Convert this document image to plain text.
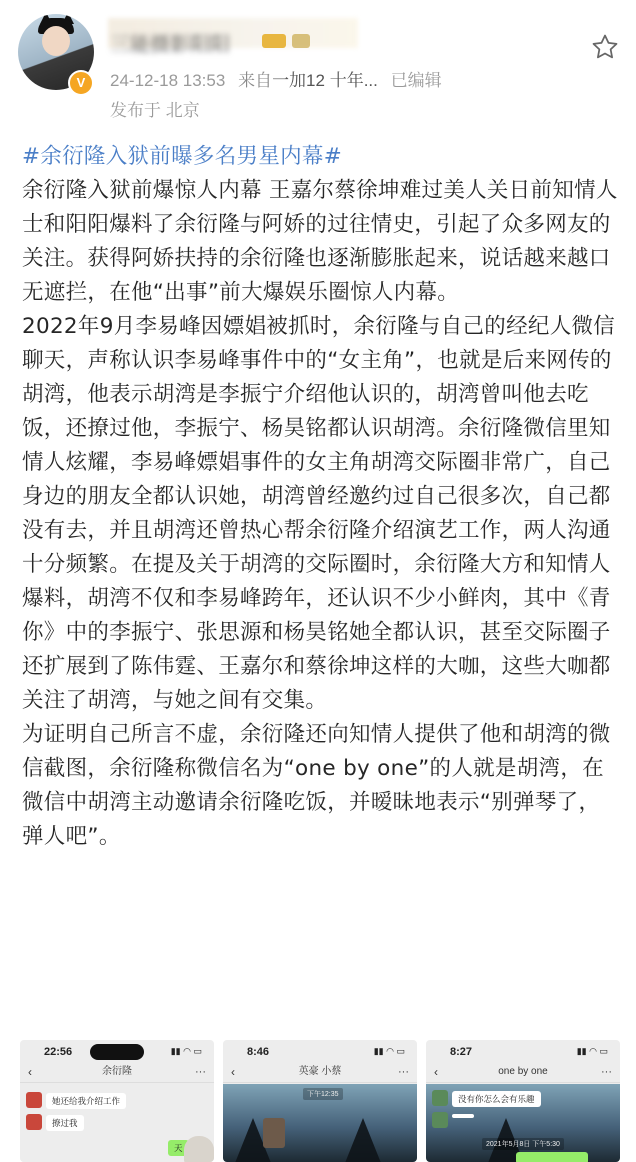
V
三能摄影阳阳
24-12-18 13:53 来自一加12 十年... 已编辑
发布于 北京
#余衍隆入狱前曝多名男星内幕#

余衍隆入狱前爆惊人内幕 王嘉尔蔡徐坤难过美人关日前知情人士和阳阳爆料了余衍隆与阿娇的过往情史，引起了众多网友的关注。获得阿娇扶持的余衍隆也逐渐膨胀起来，说话越来越口无遮拦，在他“出事”前大爆娱乐圈惊人内幕。

2022年9月李易峰因嫖娼被抓时，余衍隆与自己的经纪人微信聊天，声称认识李易峰事件中的“女主角”，也就是后来网传的胡湾，他表示胡湾是李振宁介绍他认识的，胡湾曾叫他去吃饭，还撩过他，李振宁、杨昊铭都认识胡湾。余衍隆微信里知情人炫耀，李易峰嫖娼事件的女主角胡湾交际圈非常广，自己身边的朋友全都认识她，胡湾曾经邀约过自己很多次，自己都没有去，并且胡湾还曾热心帮余衍隆介绍演艺工作，两人沟通十分频繁。在提及关于胡湾的交际圈时，余衍隆大方和知情人爆料，胡湾不仅和李易峰跨年，还认识不少小鲜肉，其中《青你》中的李振宁、张思源和杨昊铭她全都认识，甚至交际圈子还扩展到了陈伟霆、王嘉尔和蔡徐坤这样的大咖，这些大咖都关注了胡湾，与她之间有交集。

为证明自己所言不虚，余衍隆还向知情人提供了他和胡湾的微信截图，余衍隆称微信名为“one by one”的人就是胡湾，在微信中胡湾主动邀请余衍隆吃饭，并暧昧地表示“别弹琴了，弹人吧”。

22:56	▮▮ ◠ ▭
‹	余衍隆	···
她还给我介绍工作
撩过我
天
8:46	▮▮ ◠ ▭
‹	英豪 小蔡	···
下午12:35
8:27	▮▮ ◠ ▭
‹	one by one	···
没有你怎么会有乐趣
2021年5月8日 下午5:30
